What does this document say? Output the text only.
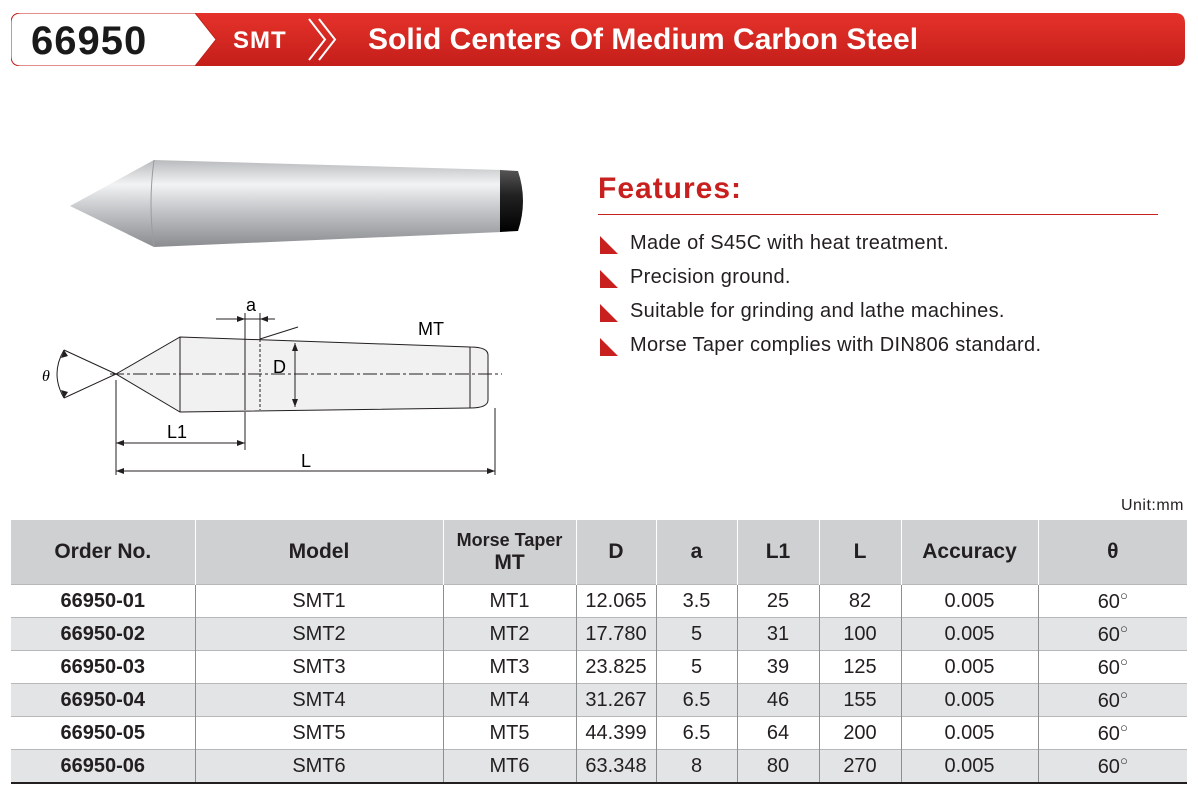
66950	SMT	Solid Centers Of Medium Carbon Steel
a
MT
D
θ
L1
L
Features:
Made of S45C with heat treatment.
Precision ground.
Suitable for grinding and lathe machines.
Morse Taper complies with DIN806 standard.
Unit:mm
Order No.	Model	Morse Taper
MT	D	a	L1	L	Accuracy	θ
66950-01	SMT1	MT1	12.065	3.5	25	82	0.005	60○
66950-02	SMT2	MT2	17.780	5	31	100	0.005	60○
66950-03	SMT3	MT3	23.825	5	39	125	0.005	60○
66950-04	SMT4	MT4	31.267	6.5	46	155	0.005	60○
66950-05	SMT5	MT5	44.399	6.5	64	200	0.005	60○
66950-06	SMT6	MT6	63.348	8	80	270	0.005	60○
